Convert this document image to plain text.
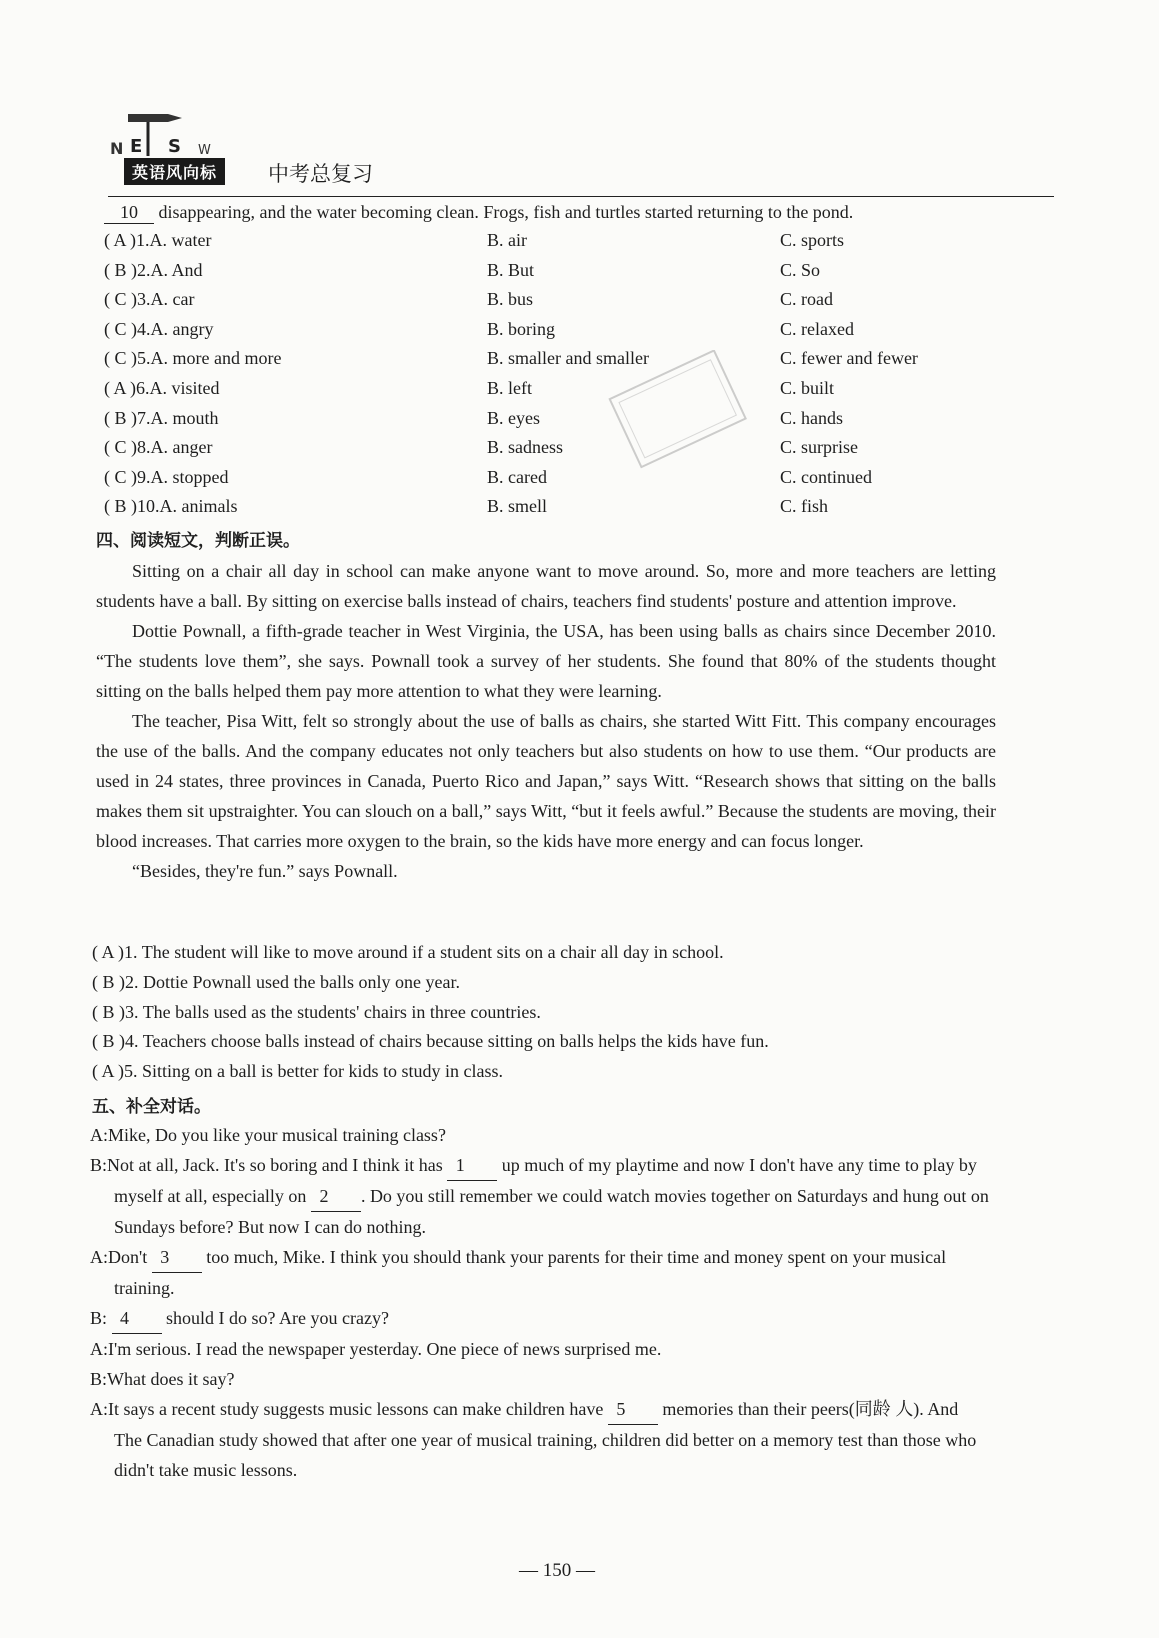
N E S W
英语风向标	中考总复习
10 disappearing, and the water becoming clean. Frogs, fish and turtles started returning to the pond.
( A )1.A. water	B. air	C. sports
( B )2.A. And	B. But	C. So
( C )3.A. car	B. bus	C. road
( C )4.A. angry	B. boring	C. relaxed
( C )5.A. more and more	B. smaller and smaller	C. fewer and fewer
( A )6.A. visited	B. left	C. built
( B )7.A. mouth	B. eyes	C. hands
( C )8.A. anger	B. sadness	C. surprise
( C )9.A. stopped	B. cared	C. continued
( B )10.A. animals	B. smell	C. fish
四、阅读短文，判断正误。

Sitting on a chair all day in school can make anyone want to move around. So, more and more teachers are letting students have a ball. By sitting on exercise balls instead of chairs, teachers find students' posture and attention improve.

Dottie Pownall, a fifth-grade teacher in West Virginia, the USA, has been using balls as chairs since December 2010. “The students love them”, she says. Pownall took a survey of her students. She found that 80% of the students thought sitting on the balls helped them pay more attention to what they were learning.

The teacher, Pisa Witt, felt so strongly about the use of balls as chairs, she started Witt Fitt. This company encourages the use of the balls. And the company educates not only teachers but also students on how to use them. “Our products are used in 24 states, three provinces in Canada, Puerto Rico and Japan,” says Witt. “Research shows that sitting on the balls makes them sit upstraighter. You can slouch on a ball,” says Witt, “but it feels awful.” Because the students are moving, their blood increases. That carries more oxygen to the brain, so the kids have more energy and can focus longer.

“Besides, they're fun.” says Pownall.

( A )1. The student will like to move around if a student sits on a chair all day in school.
( B )2. Dottie Pownall used the balls only one year.
( B )3. The balls used as the students' chairs in three countries.
( B )4. Teachers choose balls instead of chairs because sitting on balls helps the kids have fun.
( A )5. Sitting on a ball is better for kids to study in class.
五、补全对话。
A:Mike, Do you like your musical training class?
B:Not at all, Jack. It's so boring and I think it has 1 up much of my playtime and now I don't have any time to play by myself at all, especially on 2 . Do you still remember we could watch movies together on Saturdays and hung out on Sundays before? But now I can do nothing.
A:Don't 3 too much, Mike. I think you should thank your parents for their time and money spent on your musical training.
B: 4 should I do so? Are you crazy?
A:I'm serious. I read the newspaper yesterday. One piece of news surprised me.
B:What does it say?
A:It says a recent study suggests music lessons can make children have 5 memories than their peers(同龄 人). And The Canadian study showed that after one year of musical training, children did better on a memory test than those who didn't take music lessons.
— 150 —
